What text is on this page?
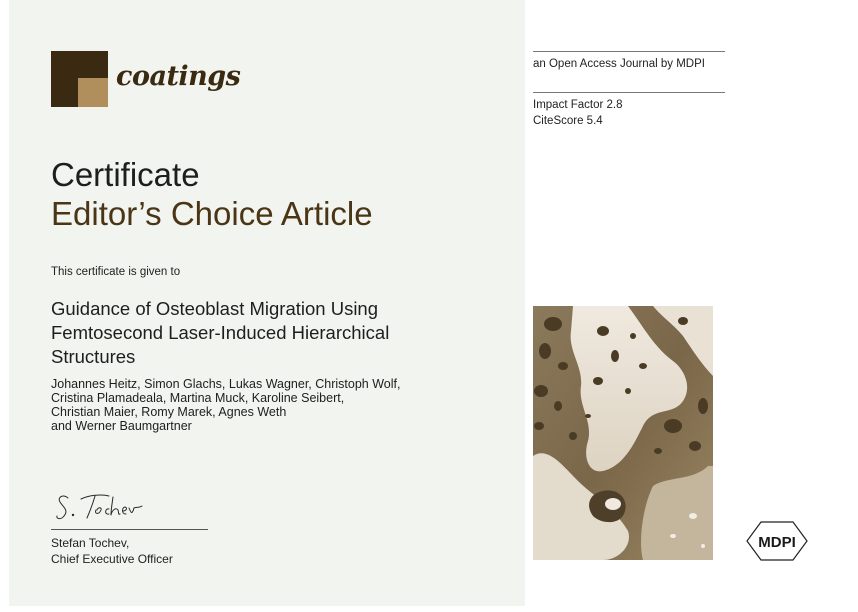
coatings
Certificate
Editor’s Choice Article
This certificate is given to
Guidance of Osteoblast Migration Using Femtosecond Laser-Induced Hierarchical Structures
Johannes Heitz, Simon Glachs, Lukas Wagner, Christoph Wolf,
Cristina Plamadeala, Martina Muck, Karoline Seibert,
Christian Maier, Romy Marek, Agnes Weth
and Werner Baumgartner
Stefan Tochev,
Chief Executive Officer
an Open Access Journal by MDPI
Impact Factor 2.8
CiteScore 5.4
MDPI
